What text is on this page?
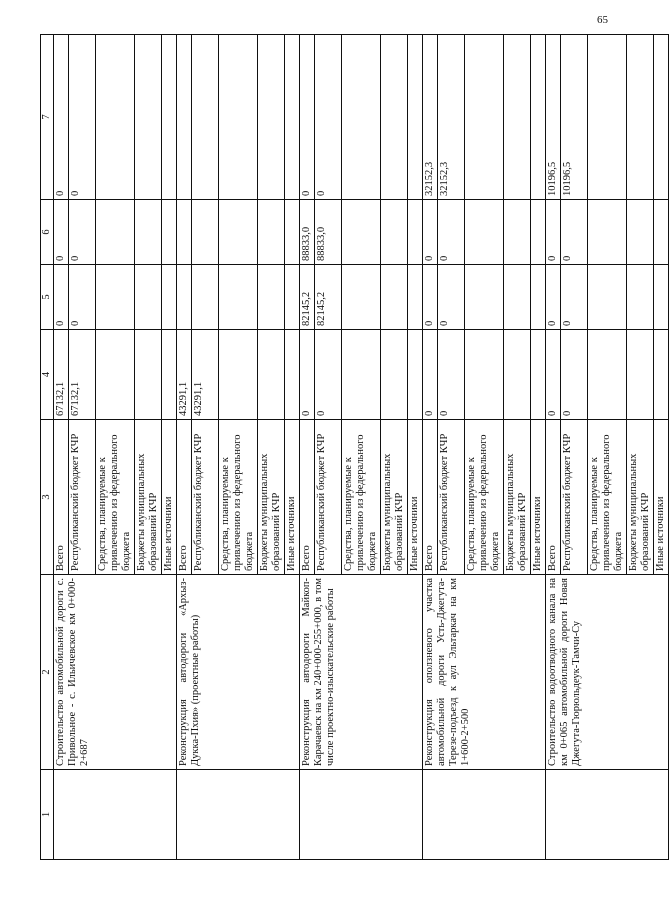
65
1	2	3	4	5	6	7
	Строительство автомобильной дороги с. Привольное - с. Ильичевское км 0+000-2+687	Всего	67132,1	0	0	0
		Республиканский бюджет КЧР	67132,1	0	0	0
		Средства, планируемые к привлечению из федерального бюджета				
		Бюджеты муниципальных образований КЧР				
		Иные источники				
	Реконструкция автодороги «Архыз-Дукка-Пхия» (проектные работы)	Всего	43291,1			
		Республиканский бюджет КЧР	43291,1			
		Средства, планируемые к привлечению из федерального бюджета				
		Бюджеты муниципальных образований КЧР				
		Иные источники				
	Реконструкция автодороги Майкоп-Карачаевск на км 240+000-255+000, в том числе проектно-изыскательские работы	Всего	0	82145,2	88833,0	0
		Республиканский бюджет КЧР	0	82145,2	88833,0	0
		Средства, планируемые к привлечению из федерального бюджета				
		Бюджеты муниципальных образований КЧР				
		Иные источники				
	Реконструкция оползневого участка автомобильной дороги Усть-Джегута-Терезе-подъезд к аул Эльтаркач на км 1+600-2+500	Всего	0	0	0	32152,3
		Республиканский бюджет КЧР	0	0	0	32152,3
		Средства, планируемые к привлечению из федерального бюджета				
		Бюджеты муниципальных образований КЧР				
		Иные источники				
	Строительство водоотводного канала на км 0+065 автомобильной дороги Новая Джегута-Гюрюльдеук-Тамчи-Су	Всего	0	0	0	10196,5
		Республиканский бюджет КЧР	0	0	0	10196,5
		Средства, планируемые к привлечению из федерального бюджета				
		Бюджеты муниципальных образований КЧР				
		Иные источники				
